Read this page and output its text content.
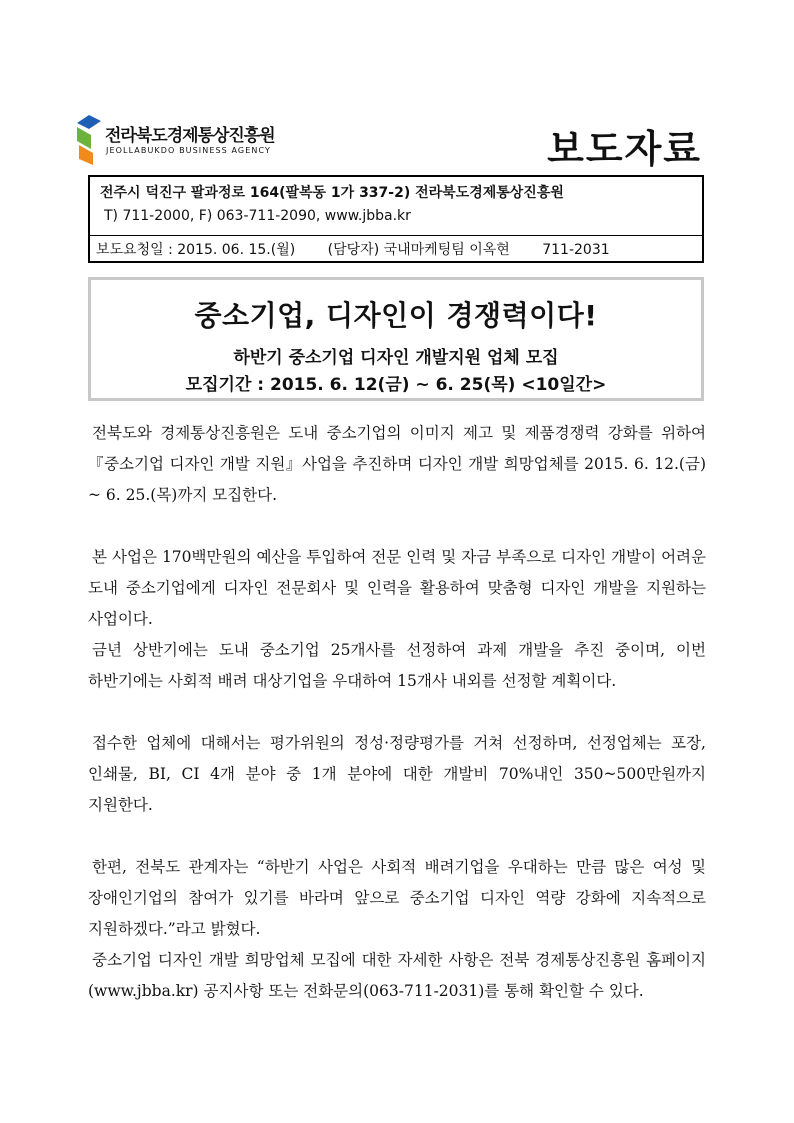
전라북도경제통상진흥원
JEOLLABUKDO BUSINESS AGENCY	보도자료
전주시 덕진구 팔과정로 164(팔복동 1가 337-2) 전라북도경제통상진흥원
T) 711-2000, F) 063-711-2090, www.jbba.kr
보도요청일 : 2015. 06. 15.(월) (담당자) 국내마케팅팀 이옥현 711-2031
중소기업, 디자인이 경쟁력이다!
하반기 중소기업 디자인 개발지원 업체 모집
모집기간 : 2015. 6. 12(금) ~ 6. 25(목) <10일간>

전북도와 경제통상진흥원은 도내 중소기업의 이미지 제고 및 제품경쟁력 강화를 위하여『중소기업 디자인 개발 지원』사업을 추진하며 디자인 개발 희망업체를 2015. 6. 12.(금) ~ 6. 25.(목)까지 모집한다.

본 사업은 170백만원의 예산을 투입하여 전문 인력 및 자금 부족으로 디자인 개발이 어려운 도내 중소기업에게 디자인 전문회사 및 인력을 활용하여 맞춤형 디자인 개발을 지원하는 사업이다.

금년 상반기에는 도내 중소기업 25개사를 선정하여 과제 개발을 추진 중이며, 이번 하반기에는 사회적 배려 대상기업을 우대하여 15개사 내외를 선정할 계획이다.

접수한 업체에 대해서는 평가위원의 정성·정량평가를 거쳐 선정하며, 선정업체는 포장, 인쇄물, BI, CI 4개 분야 중 1개 분야에 대한 개발비 70%내인 350~500만원까지 지원한다.

한편, 전북도 관계자는 “하반기 사업은 사회적 배려기업을 우대하는 만큼 많은 여성 및 장애인기업의 참여가 있기를 바라며 앞으로 중소기업 디자인 역량 강화에 지속적으로 지원하겠다.”라고 밝혔다.

중소기업 디자인 개발 희망업체 모집에 대한 자세한 사항은 전북 경제통상진흥원 홈페이지(www.jbba.kr) 공지사항 또는 전화문의(063-711-2031)를 통해 확인할 수 있다.
